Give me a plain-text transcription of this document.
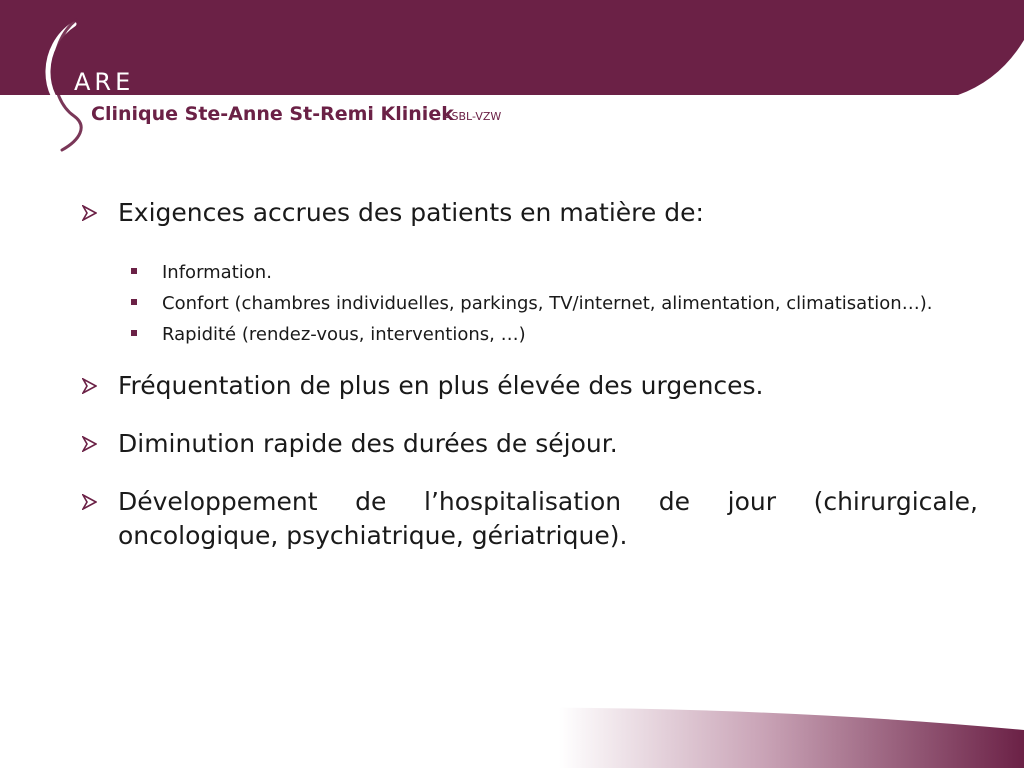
ARE
Clinique Ste-Anne St-Remi Kliniek
ASBL-VZW
Exigences accrues des patients en matière de:
Information.
Confort (chambres individuelles, parkings, TV/internet, alimentation, climatisation…).
Rapidité (rendez-vous, interventions, …)
Fréquentation de plus en plus élevée des urgences.
Diminution rapide des durées de séjour.
Développement de l’hospitalisation de jour (chirurgicale, oncologique, psychiatrique, gériatrique).
